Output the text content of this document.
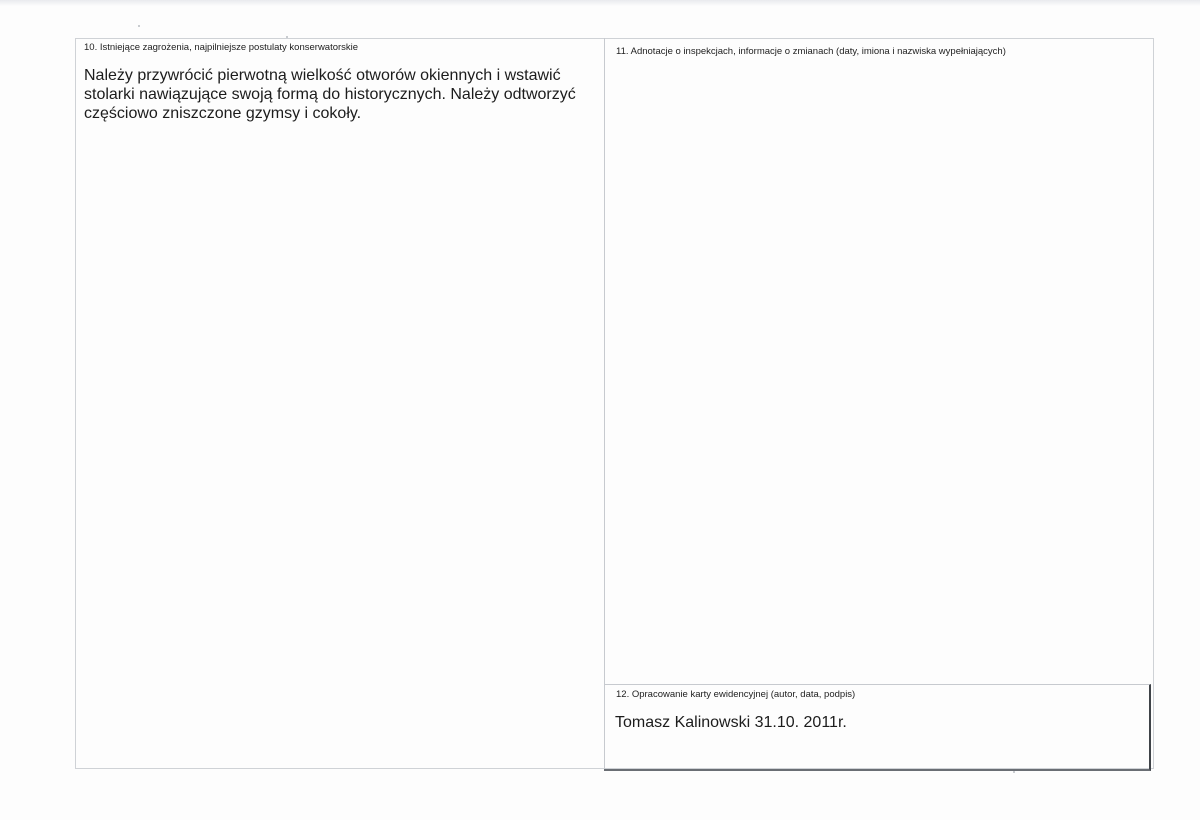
10. Istniejące zagrożenia, najpilniejsze postulaty konserwatorskie
Należy przywrócić pierwotną wielkość otworów okiennych i wstawić stolarki nawiązujące swoją formą do historycznych. Należy odtworzyć częściowo zniszczone gzymsy i cokoły.
11. Adnotacje o inspekcjach, informacje o zmianach (daty, imiona i nazwiska wypełniających)
12. Opracowanie karty ewidencyjnej (autor, data, podpis)
Tomasz Kalinowski 31.10. 2011r.
